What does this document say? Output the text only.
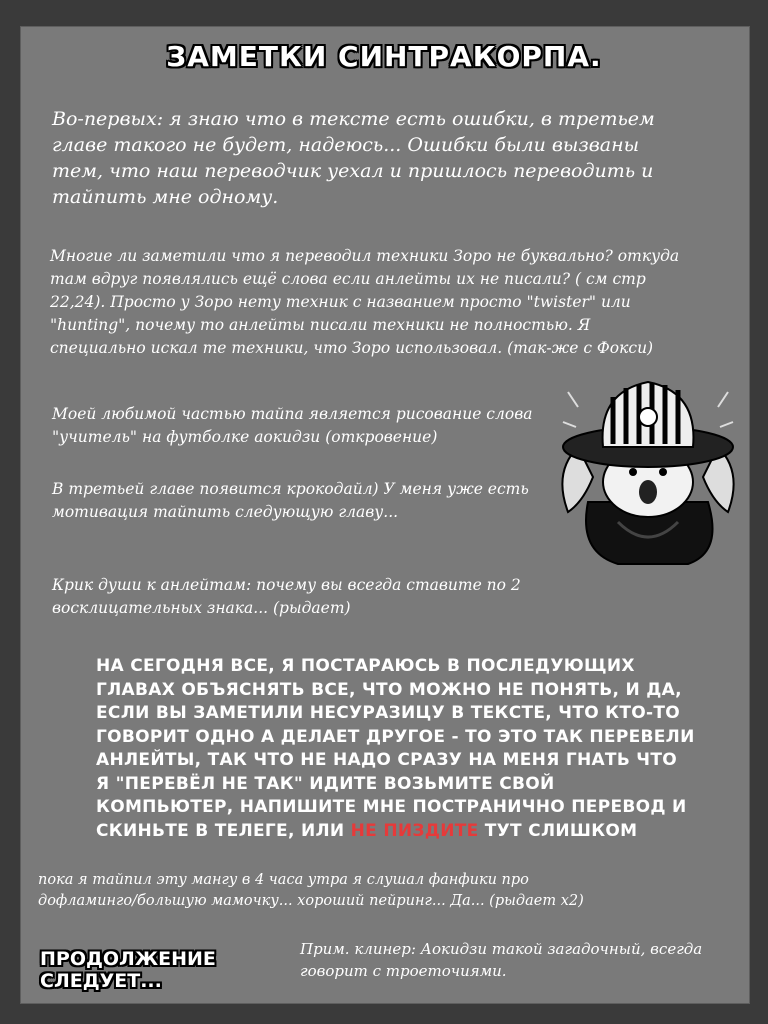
ЗАМЕТКИ СИНТРАКОРПА.
Во-первых: я знаю что в тексте есть ошибки, в третьем главе такого не будет, надеюсь... Ошибки были вызваны тем, что наш переводчик уехал и пришлось переводить и тайпить мне одному.
Многие ли заметили что я переводил техники Зоро не буквально? откуда там вдруг появлялись ещё слова если анлейты их не писали? ( см стр 22,24). Просто у Зоро нету техник с названием просто "twister" или "hunting", почему то анлейты писали техники не полностью. Я специально искал те техники, что Зоро использовал. (так-же с Фокси)
Моей любимой частью тайпа является рисование слова "учитель" на футболке аокидзи (откровение)
В третьей главе появится крокодайл) У меня уже есть мотивация тайпить следующую главу...
Крик души к анлейтам: почему вы всегда ставите по 2 восклицательных знака... (рыдает)
НА СЕГОДНЯ ВСЕ, Я ПОСТАРАЮСЬ В ПОСЛЕДУЮЩИХ ГЛАВАХ ОБЪЯСНЯТЬ ВСЕ, ЧТО МОЖНО НЕ ПОНЯТЬ, И ДА, ЕСЛИ ВЫ ЗАМЕТИЛИ НЕСУРАЗИЦУ В ТЕКСТЕ, ЧТО КТО-ТО ГОВОРИТ ОДНО А ДЕЛАЕТ ДРУГОЕ - ТО ЭТО ТАК ПЕРЕВЕЛИ АНЛЕЙТЫ, ТАК ЧТО НЕ НАДО СРАЗУ НА МЕНЯ ГНАТЬ ЧТО Я "ПЕРЕВЁЛ НЕ ТАК" ИДИТЕ ВОЗЬМИТЕ СВОЙ КОМПЬЮТЕР, НАПИШИТЕ МНЕ ПОСТРАНИЧНО ПЕРЕВОД И СКИНЬТЕ В ТЕЛЕГЕ, ИЛИ НЕ ПИЗДИТЕ ТУТ СЛИШКОМ
пока я тайпил эту мангу в 4 часа утра я слушал фанфики про дофламинго/большую мамочку... хороший пейринг... Да... (рыдает x2)
Прим. клинер: Аокидзи такой загадочный, всегда говорит с троеточиями.
ПРОДОЛЖЕНИЕ СЛЕДУЕТ...
